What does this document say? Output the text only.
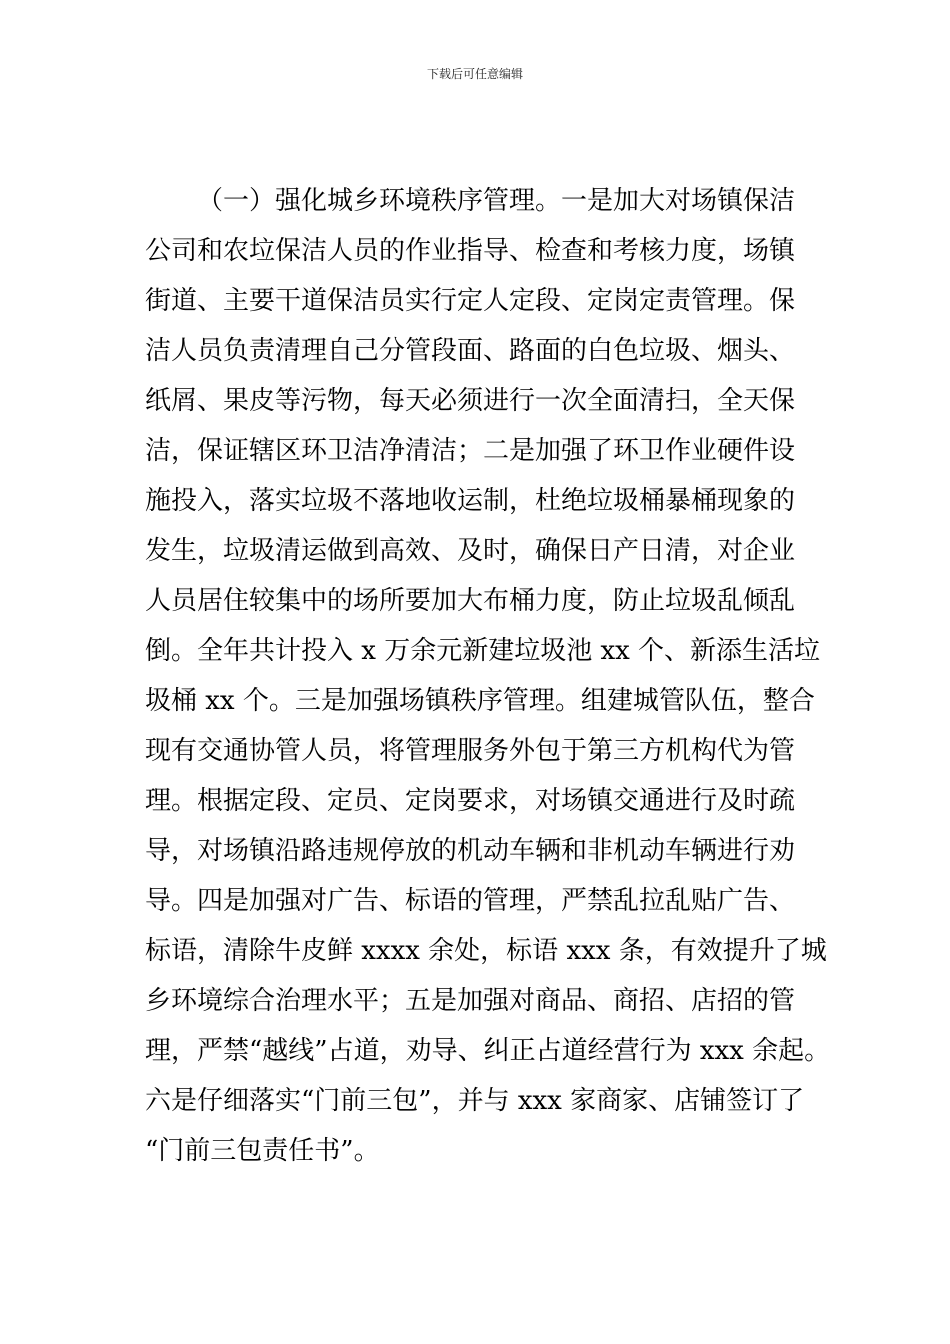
下载后可任意编辑
（一）强化城乡环境秩序管理。一是加大对场镇保洁
公司和农垃保洁人员的作业指导、检查和考核力度，场镇
街道、主要干道保洁员实行定人定段、定岗定责管理。保
洁人员负责清理自己分管段面、路面的白色垃圾、烟头、
纸屑、果皮等污物，每天必须进行一次全面清扫，全天保
洁，保证辖区环卫洁净清洁；二是加强了环卫作业硬件设
施投入，落实垃圾不落地收运制，杜绝垃圾桶暴桶现象的
发生，垃圾清运做到高效、及时，确保日产日清，对企业
人员居住较集中的场所要加大布桶力度，防止垃圾乱倾乱
倒。全年共计投入 x 万余元新建垃圾池 xx 个、新添生活垃
圾桶 xx 个。三是加强场镇秩序管理。组建城管队伍，整合
现有交通协管人员，将管理服务外包于第三方机构代为管
理。根据定段、定员、定岗要求，对场镇交通进行及时疏
导，对场镇沿路违规停放的机动车辆和非机动车辆进行劝
导。四是加强对广告、标语的管理，严禁乱拉乱贴广告、
标语，清除牛皮鲜 xxxx 余处，标语 xxx 条，有效提升了城
乡环境综合治理水平；五是加强对商品、商招、店招的管
理，严禁“越线”占道，劝导、纠正占道经营行为 xxx 余起。
六是仔细落实“门前三包”，并与 xxx 家商家、店铺签订了
“门前三包责任书”。
